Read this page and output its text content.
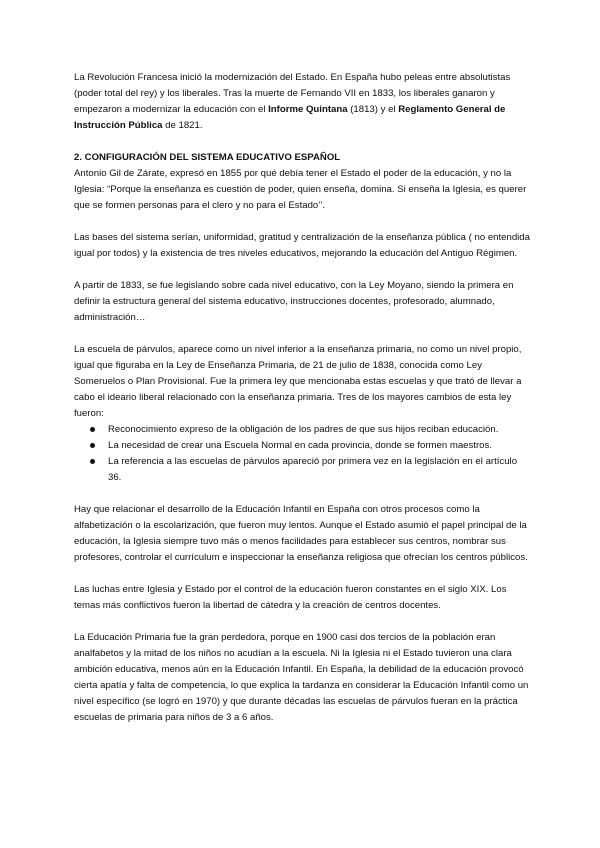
La Revolución Francesa inició la modernización del Estado. En España hubo peleas entre absolutistas (poder total del rey) y los liberales. Tras la muerte de Fernando VII en 1833, los liberales ganaron y empezaron a modernizar la educación con el Informe Quintana (1813) y el Reglamento General de Instrucción Pública de 1821.

2. CONFIGURACIÓN DEL SISTEMA EDUCATIVO ESPAÑOL

Antonio Gil de Zárate, expresó en 1855 por qué debía tener el Estado el poder de la educación, y no la Iglesia: “Porque la enseñanza es cuestión de poder, quien enseña, domina. Si enseña la Iglesia, es querer que se formen personas para el clero y no para el Estado’’.

Las bases del sistema serían, uniformidad, gratitud y centralización de la enseñanza pública ( no entendida igual por todos) y la existencia de tres niveles educativos, mejorando la educación del Antiguo Régimen.

A partir de 1833, se fue legislando sobre cada nivel educativo, con la Ley Moyano, siendo la primera en definir la estructura general del sistema educativo, instrucciones docentes, profesorado, alumnado, administración…

La escuela de párvulos, aparece como un nivel inferior a la enseñanza primaria, no como un nivel propio, igual que figuraba en la Ley de Enseñanza Primaria, de 21 de julio de 1838, conocida como Ley Someruelos o Plan Provisional. Fue la primera ley que mencionaba estas escuelas y que trató de llevar a cabo el ideario liberal relacionado con la enseñanza primaria. Tres de los mayores cambios de esta ley fueron:

Reconocimiento expreso de la obligación de los padres de que sus hijos reciban educación.
La necesidad de crear una Escuela Normal en cada provincia, donde se formen maestros.
La referencia a las escuelas de párvulos apareció por primera vez en la legislación en el artículo 36.

Hay que relacionar el desarrollo de la Educación Infantil en España con otros procesos como la alfabetización o la escolarización, que fueron muy lentos. Aunque el Estado asumió el papel principal de la educación, la Iglesia siempre tuvo más o menos facilidades para establecer sus centros, nombrar sus profesores, controlar el currículum e inspeccionar la enseñanza religiosa que ofrecían los centros públicos.

Las luchas entre Iglesia y Estado por el control de la educación fueron constantes en el siglo XIX. Los temas más conflictivos fueron la libertad de cátedra y la creación de centros docentes.

La Educación Primaria fue la gran perdedora, porque en 1900 casi dos tercios de la población eran analfabetos y la mitad de los niños no acudían a la escuela. Ni la Iglesia ni el Estado tuvieron una clara ambición educativa, menos aún en la Educación Infantil. En España, la debilidad de la educación provocó cierta apatía y falta de competencia, lo que explica la tardanza en considerar la Educación Infantil como un nivel específico (se logró en 1970) y que durante décadas las escuelas de párvulos fueran en la práctica escuelas de primaria para niños de 3 a 6 años.
